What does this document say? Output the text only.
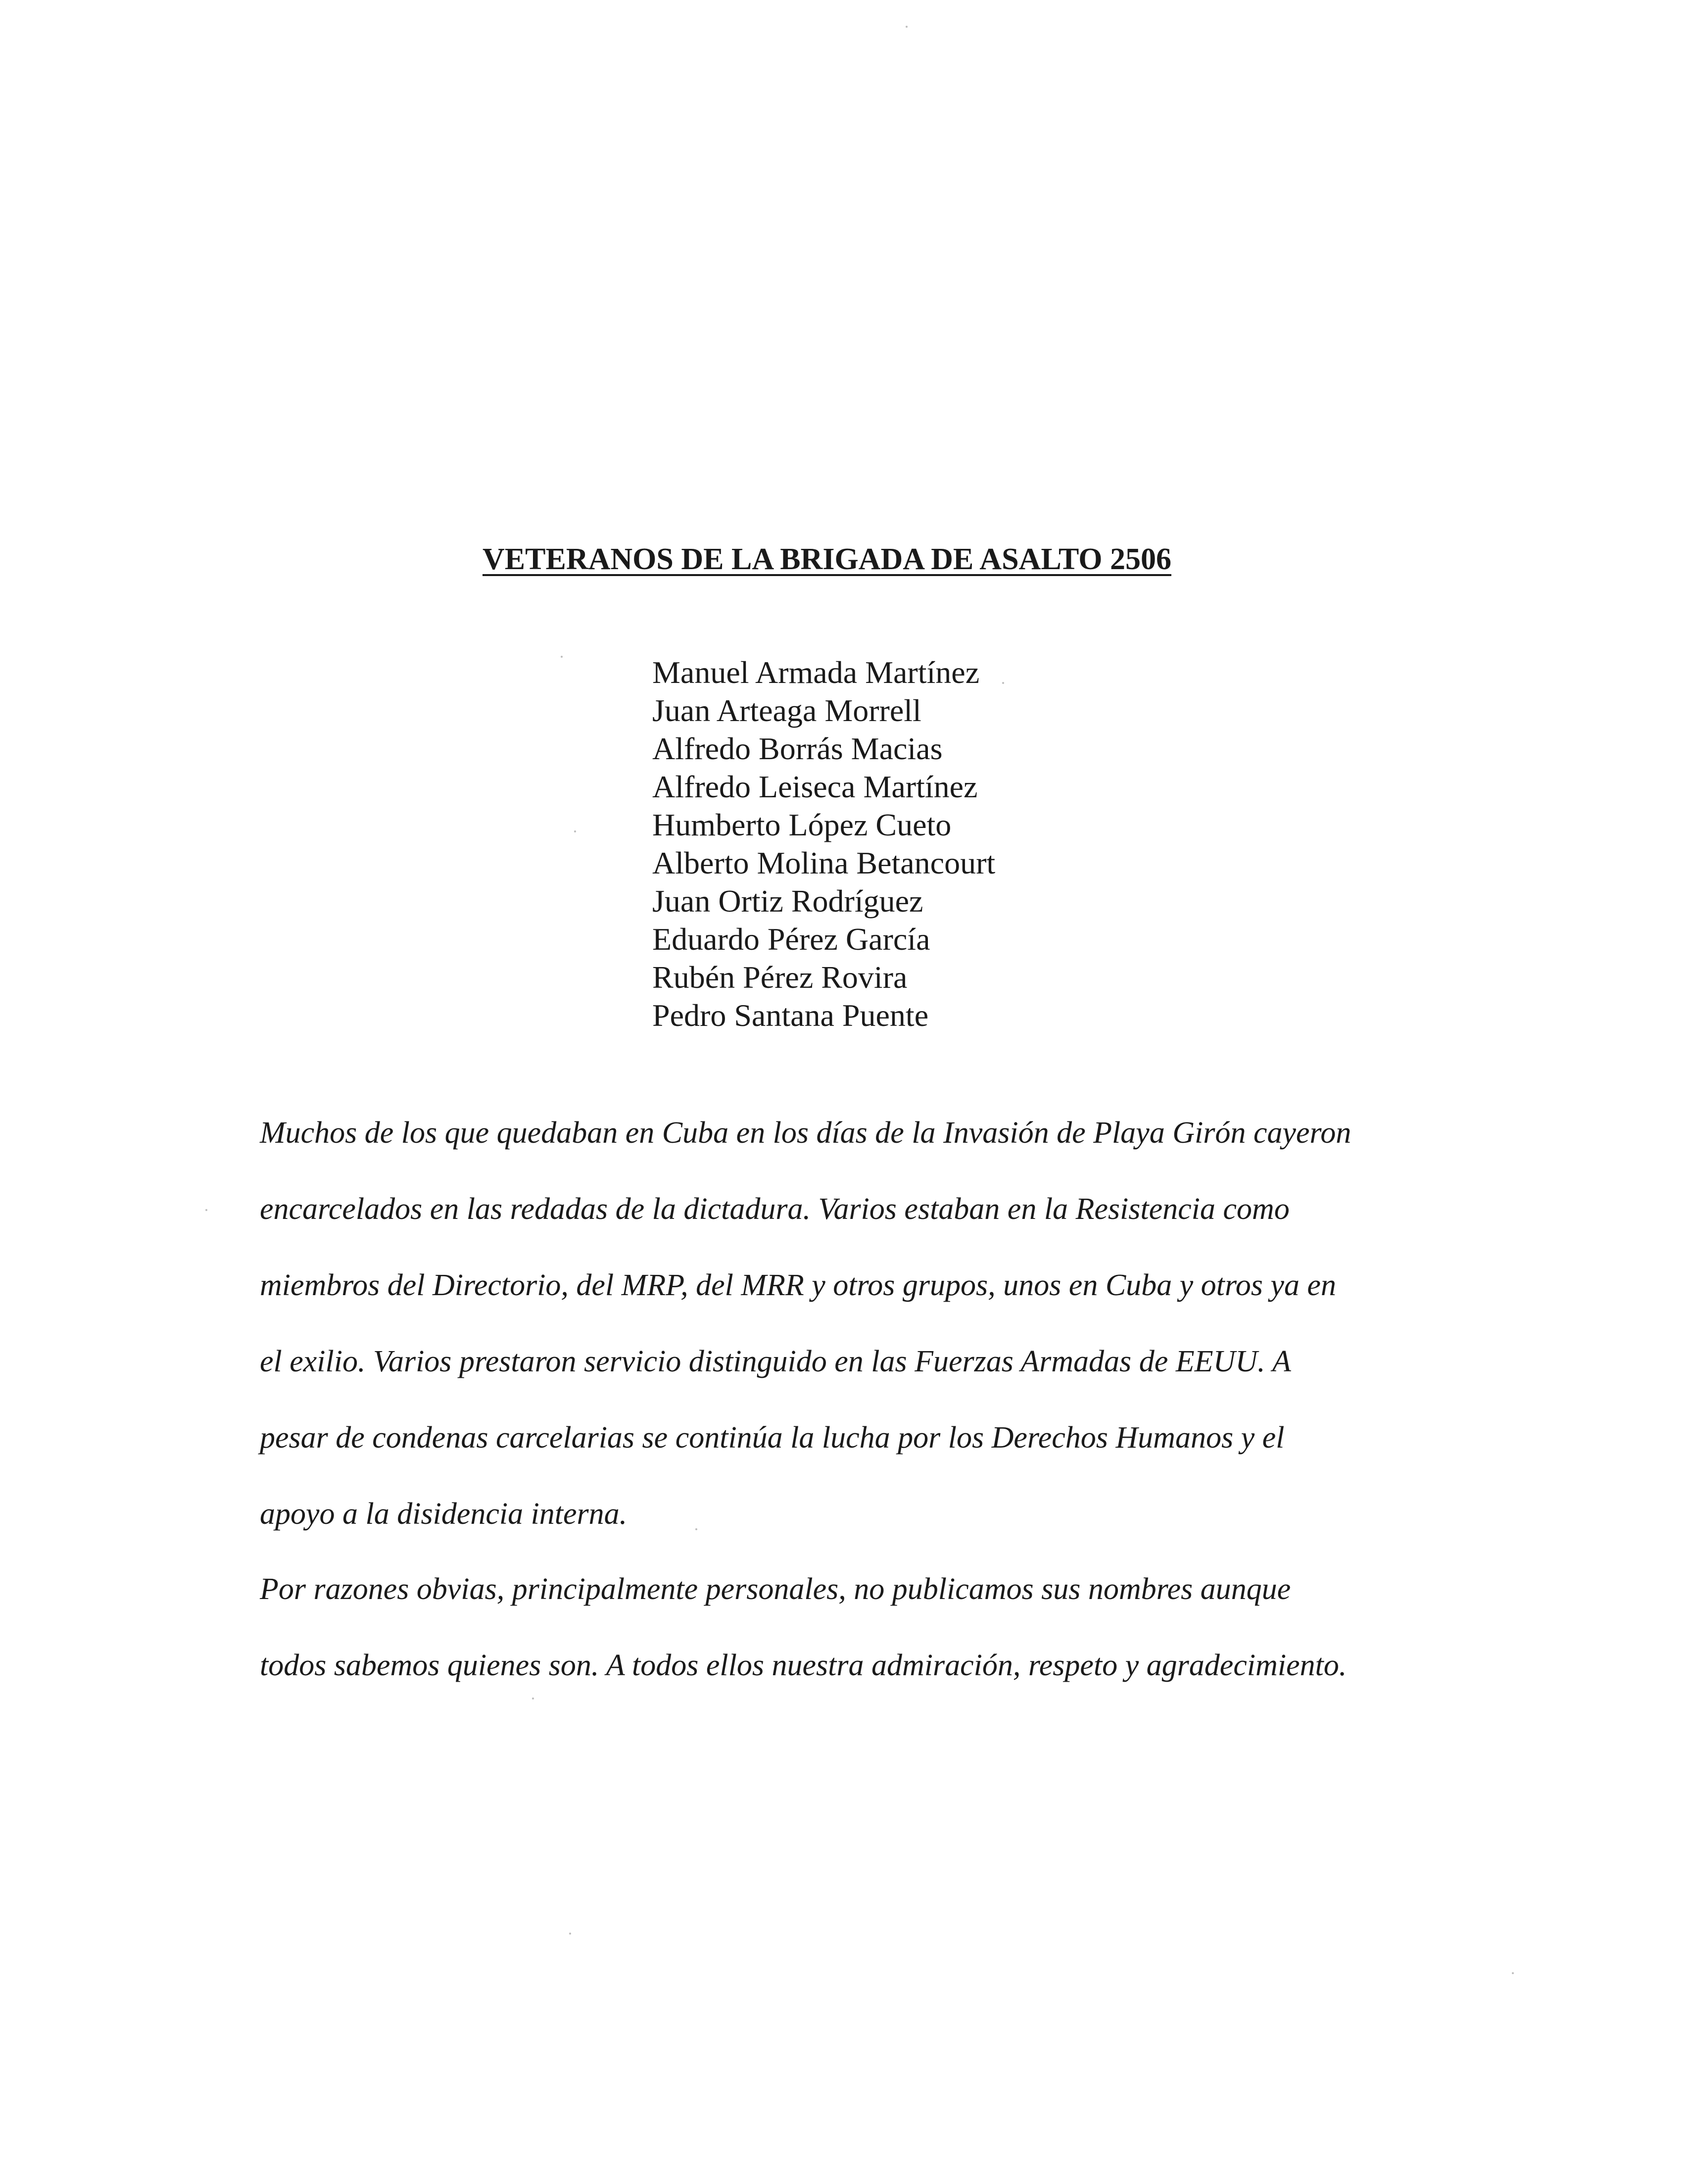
VETERANOS DE LA BRIGADA DE ASALTO 2506
Manuel Armada Martínez
Juan Arteaga Morrell
Alfredo Borrás Macias
Alfredo Leiseca Martínez
Humberto López Cueto
Alberto Molina Betancourt
Juan Ortiz Rodríguez
Eduardo Pérez García
Rubén Pérez Rovira
Pedro Santana Puente
Muchos de los que quedaban en Cuba en los días de la Invasión de Playa Girón cayeron
encarcelados en las redadas de la dictadura. Varios estaban en la Resistencia como
miembros del Directorio, del MRP, del MRR y otros grupos, unos en Cuba y otros ya en
el exilio. Varios prestaron servicio distinguido en las Fuerzas Armadas de EEUU. A
pesar de condenas carcelarias se continúa la lucha por los Derechos Humanos y el
apoyo a la disidencia interna.
Por razones obvias, principalmente personales, no publicamos sus nombres aunque
todos sabemos quienes son. A todos ellos nuestra admiración, respeto y agradecimiento.
